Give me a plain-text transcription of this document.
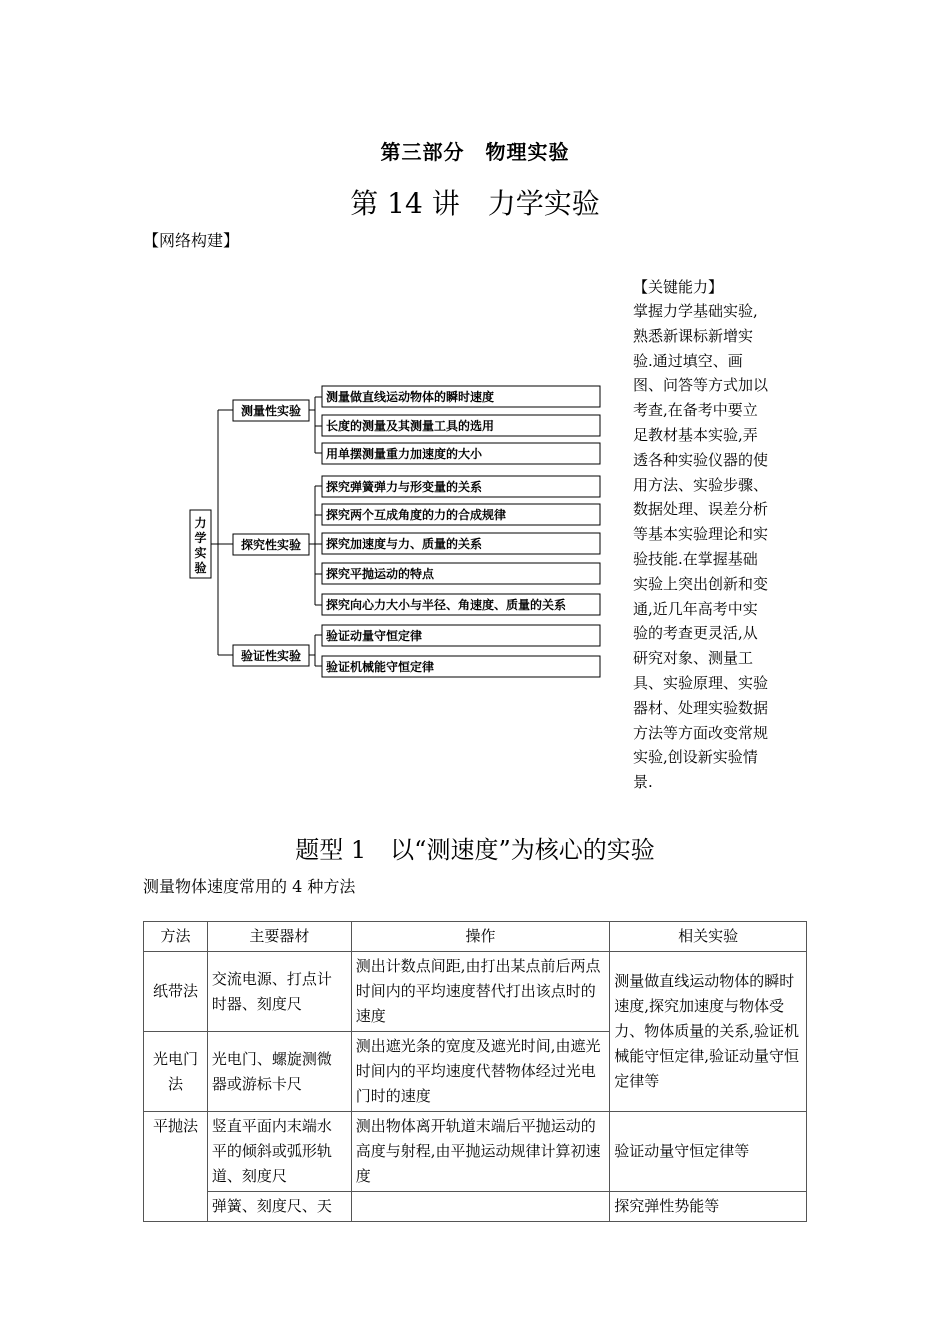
第三部分　物理实验
第 14 讲　力学实验
【网络构建】
力
学
实
验
测量性实验
测量做直线运动物体的瞬时速度
长度的测量及其测量工具的选用
用单摆测量重力加速度的大小
探究性实验
探究弹簧弹力与形变量的关系
探究两个互成角度的力的合成规律
探究加速度与力、质量的关系
探究平抛运动的特点
探究向心力大小与半径、角速度、质量的关系
验证性实验
验证动量守恒定律
验证机械能守恒定律
【关键能力】
掌握力学基础实验,
熟悉新课标新增实
验.通过填空、画
图、问答等方式加以
考查,在备考中要立
足教材基本实验,弄
透各种实验仪器的使
用方法、实验步骤、
数据处理、误差分析
等基本实验理论和实
验技能.在掌握基础
实验上突出创新和变
通,近几年高考中实
验的考查更灵活,从
研究对象、测量工
具、实验原理、实验
器材、处理实验数据
方法等方面改变常规
实验,创设新实验情
景.
题型 1　以“测速度”为核心的实验
测量物体速度常用的 4 种方法
方法	主要器材	操作	相关实验
纸带法	交流电源、打点计时器、刻度尺	测出计数点间距,由打出某点前后两点时间内的平均速度替代打出该点时的速度	测量做直线运动物体的瞬时速度,探究加速度与物体受力、物体质量的关系,验证机械能守恒定律,验证动量守恒定律等
光电门法	光电门、螺旋测微器或游标卡尺	测出遮光条的宽度及遮光时间,由遮光时间内的平均速度代替物体经过光电门时的速度	
平抛法	竖直平面内末端水平的倾斜或弧形轨道、刻度尺	测出物体离开轨道末端后平抛运动的高度与射程,由平抛运动规律计算初速度	验证动量守恒定律等
	弹簧、刻度尺、天		探究弹性势能等
